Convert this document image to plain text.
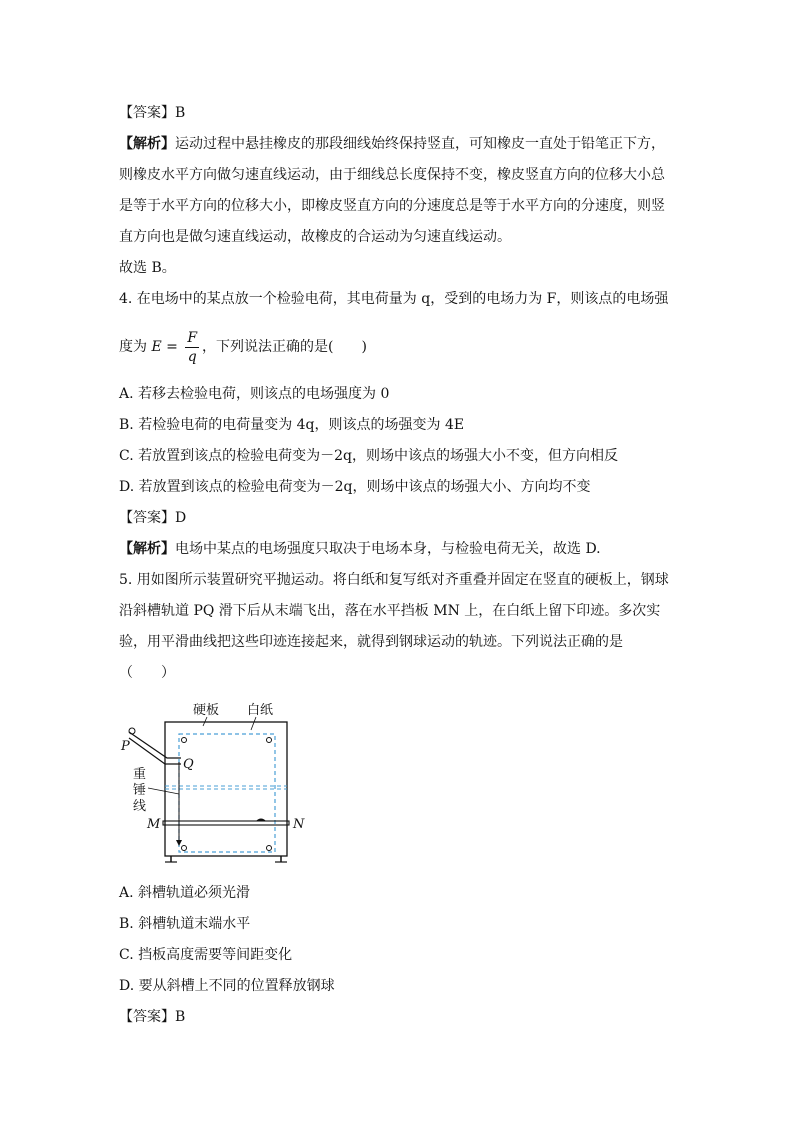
【答案】B
【解析】运动过程中悬挂橡皮的那段细线始终保持竖直，可知橡皮一直处于铅笔正下方，
则橡皮水平方向做匀速直线运动，由于细线总长度保持不变，橡皮竖直方向的位移大小总
是等于水平方向的位移大小，即橡皮竖直方向的分速度总是等于水平方向的分速度，则竖
直方向也是做匀速直线运动，故橡皮的合运动为匀速直线运动。
故选 B。
4. 在电场中的某点放一个检验电荷，其电荷量为 q，受到的电场力为 F，则该点的电场强
度为 $E = \frac{F}{q}$ ，下列说法正确的是(　　)
A. 若移去检验电荷，则该点的电场强度为 0
B. 若检验电荷的电荷量变为 4q，则该点的场强变为 4E
C. 若放置到该点的检验电荷变为－2q，则场中该点的场强大小不变，但方向相反
D. 若放置到该点的检验电荷变为－2q，则场中该点的场强大小、方向均不变
【答案】D
【解析】电场中某点的电场强度只取决于电场本身，与检验电荷无关，故选 D.
5. 用如图所示装置研究平抛运动。将白纸和复写纸对齐重叠并固定在竖直的硬板上，钢球
沿斜槽轨道 PQ 滑下后从末端飞出，落在水平挡板 MN 上，在白纸上留下印迹。多次实
验，用平滑曲线把这些印迹连接起来，就得到钢球运动的轨迹。下列说法正确的是
（　　）
硬板 白纸
P
Q
重
锤
线
M	N
A. 斜槽轨道必须光滑
B. 斜槽轨道末端水平
C. 挡板高度需要等间距变化
D. 要从斜槽上不同的位置释放钢球
【答案】B
